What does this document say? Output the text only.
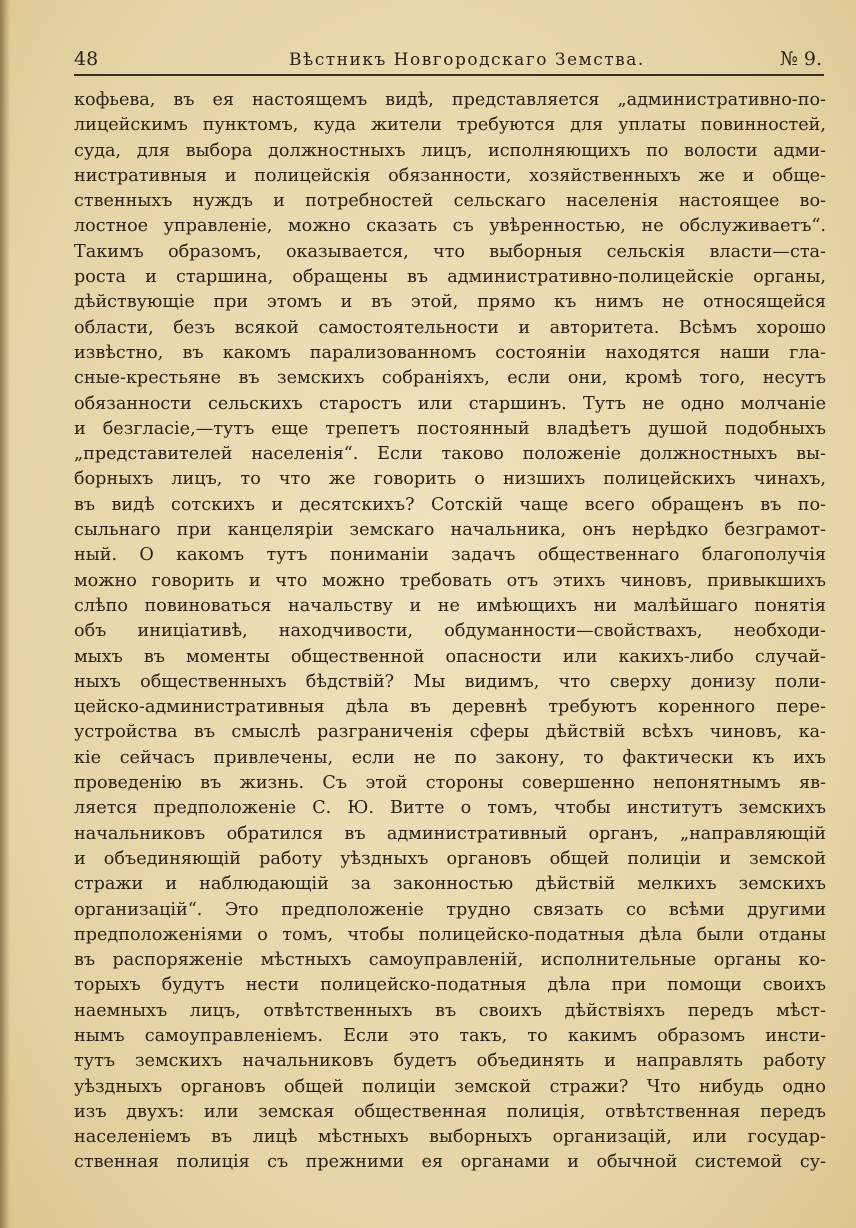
48	Вѣстникъ Новгородскаго Земства.	№ 9.
кофьева, въ ея настоящемъ видѣ, представляется „административно-по-
лицейскимъ пунктомъ, куда жители требуются для уплаты повинностей,
суда, для выбора должностныхъ лицъ, исполняющихъ по волости адми-
нистративныя и полицейскія обязанности, хозяйственныхъ же и обще-
ственныхъ нуждъ и потребностей сельскаго населенія настоящее во-
лостное управленіе, можно сказать съ увѣренностью, не обслуживаетъ“.
Такимъ образомъ, оказывается, что выборныя сельскія власти—ста-
роста и старшина, обращены въ административно-полицейскіе органы,
дѣйствующіе при этомъ и въ этой, прямо къ нимъ не относящейся
области, безъ всякой самостоятельности и авторитета. Всѣмъ хорошо
извѣстно, въ какомъ парализованномъ состояніи находятся наши гла-
сные-крестьяне въ земскихъ собраніяхъ, если они, кромѣ того, несутъ
обязанности сельскихъ старостъ или старшинъ. Тутъ не одно молчаніе
и безгласіе,—тутъ еще трепетъ постоянный владѣетъ душой подобныхъ
„представителей населенія“. Если таково положеніе должностныхъ вы-
борныхъ лицъ, то что же говорить о низшихъ полицейскихъ чинахъ,
въ видѣ сотскихъ и десятскихъ? Сотскій чаще всего обращенъ въ по-
сыльнаго при канцеляріи земскаго начальника, онъ нерѣдко безграмот-
ный. О какомъ тутъ пониманіи задачъ общественнаго благополучія
можно говорить и что можно требовать отъ этихъ чиновъ, привыкшихъ
слѣпо повиноваться начальству и не имѣющихъ ни малѣйшаго понятія
объ иниціативѣ, находчивости, обдуманности—свойствахъ, необходи-
мыхъ въ моменты общественной опасности или какихъ-либо случай-
ныхъ общественныхъ бѣдствій? Мы видимъ, что сверху донизу поли-
цейско-административныя дѣла въ деревнѣ требуютъ коренного пере-
устройства въ смыслѣ разграниченія сферы дѣйствій всѣхъ чиновъ, ка-
кіе сейчасъ привлечены, если не по закону, то фактически къ ихъ
проведенію въ жизнь. Съ этой стороны совершенно непонятнымъ яв-
ляется предположеніе С. Ю. Витте о томъ, чтобы институтъ земскихъ
начальниковъ обратился въ административный органъ, „направляющій
и объединяющій работу уѣздныхъ органовъ общей полиціи и земской
стражи и наблюдающій за законностью дѣйствій мелкихъ земскихъ
организацій“. Это предположеніе трудно связать со всѣми другими
предположеніями о томъ, чтобы полицейско-податныя дѣла были отданы
въ распоряженіе мѣстныхъ самоуправленій, исполнительные органы ко-
торыхъ будутъ нести полицейско-податныя дѣла при помощи своихъ
наемныхъ лицъ, отвѣтственныхъ въ своихъ дѣйствіяхъ передъ мѣст-
нымъ самоуправленіемъ. Если это такъ, то какимъ образомъ инсти-
тутъ земскихъ начальниковъ будетъ объединять и направлять работу
уѣздныхъ органовъ общей полиціи земской стражи? Что нибудь одно
изъ двухъ: или земская общественная полиція, отвѣтственная передъ
населеніемъ въ лицѣ мѣстныхъ выборныхъ организацій, или государ-
ственная полиція съ прежними ея органами и обычной системой су-
